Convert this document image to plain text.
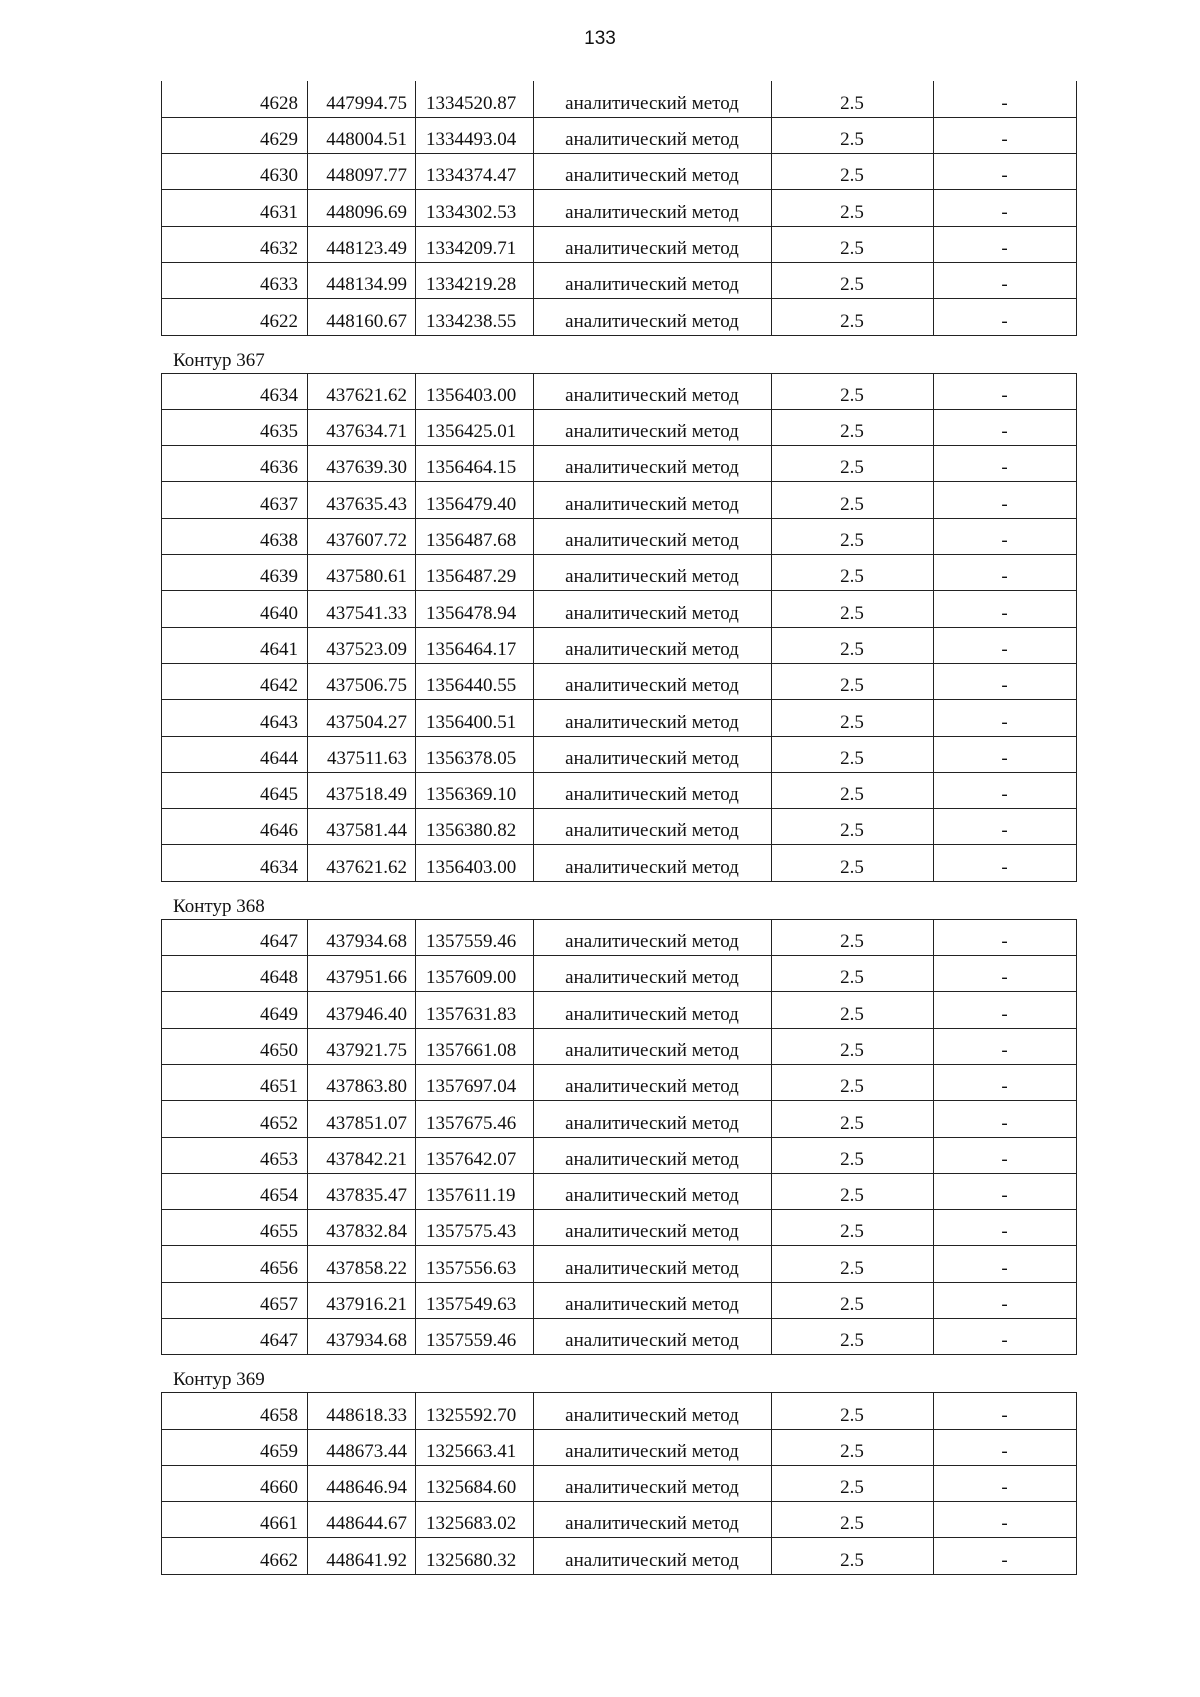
133
4628	447994.75	1334520.87	аналитический метод	2.5	-
4629	448004.51	1334493.04	аналитический метод	2.5	-
4630	448097.77	1334374.47	аналитический метод	2.5	-
4631	448096.69	1334302.53	аналитический метод	2.5	-
4632	448123.49	1334209.71	аналитический метод	2.5	-
4633	448134.99	1334219.28	аналитический метод	2.5	-
4622	448160.67	1334238.55	аналитический метод	2.5	-
Контур 367
4634	437621.62	1356403.00	аналитический метод	2.5	-
4635	437634.71	1356425.01	аналитический метод	2.5	-
4636	437639.30	1356464.15	аналитический метод	2.5	-
4637	437635.43	1356479.40	аналитический метод	2.5	-
4638	437607.72	1356487.68	аналитический метод	2.5	-
4639	437580.61	1356487.29	аналитический метод	2.5	-
4640	437541.33	1356478.94	аналитический метод	2.5	-
4641	437523.09	1356464.17	аналитический метод	2.5	-
4642	437506.75	1356440.55	аналитический метод	2.5	-
4643	437504.27	1356400.51	аналитический метод	2.5	-
4644	437511.63	1356378.05	аналитический метод	2.5	-
4645	437518.49	1356369.10	аналитический метод	2.5	-
4646	437581.44	1356380.82	аналитический метод	2.5	-
4634	437621.62	1356403.00	аналитический метод	2.5	-
Контур 368
4647	437934.68	1357559.46	аналитический метод	2.5	-
4648	437951.66	1357609.00	аналитический метод	2.5	-
4649	437946.40	1357631.83	аналитический метод	2.5	-
4650	437921.75	1357661.08	аналитический метод	2.5	-
4651	437863.80	1357697.04	аналитический метод	2.5	-
4652	437851.07	1357675.46	аналитический метод	2.5	-
4653	437842.21	1357642.07	аналитический метод	2.5	-
4654	437835.47	1357611.19	аналитический метод	2.5	-
4655	437832.84	1357575.43	аналитический метод	2.5	-
4656	437858.22	1357556.63	аналитический метод	2.5	-
4657	437916.21	1357549.63	аналитический метод	2.5	-
4647	437934.68	1357559.46	аналитический метод	2.5	-
Контур 369
4658	448618.33	1325592.70	аналитический метод	2.5	-
4659	448673.44	1325663.41	аналитический метод	2.5	-
4660	448646.94	1325684.60	аналитический метод	2.5	-
4661	448644.67	1325683.02	аналитический метод	2.5	-
4662	448641.92	1325680.32	аналитический метод	2.5	-
